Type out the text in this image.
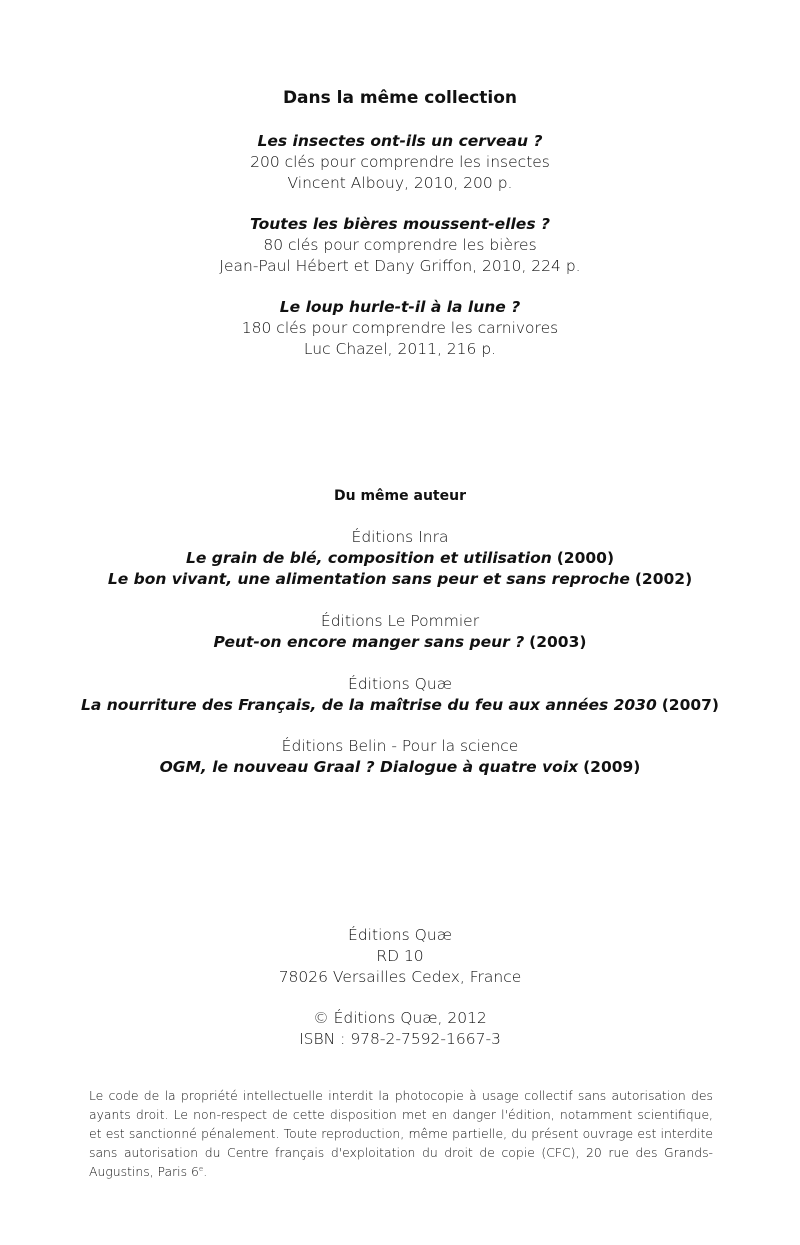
Dans la même collection
Les insectes ont-ils un cerveau ?
200 clés pour comprendre les insectes
Vincent Albouy, 2010, 200 p.
Toutes les bières moussent-elles ?
80 clés pour comprendre les bières
Jean-Paul Hébert et Dany Griffon, 2010, 224 p.
Le loup hurle-t-il à la lune ?
180 clés pour comprendre les carnivores
Luc Chazel, 2011, 216 p.
Du même auteur
Éditions Inra
Le grain de blé, composition et utilisation (2000)
Le bon vivant, une alimentation sans peur et sans reproche (2002)
Éditions Le Pommier
Peut-on encore manger sans peur ? (2003)
Éditions Quæ
La nourriture des Français, de la maîtrise du feu aux années 2030 (2007)
Éditions Belin - Pour la science
OGM, le nouveau Graal ? Dialogue à quatre voix (2009)
Éditions Quæ
RD 10
78026 Versailles Cedex, France
© Éditions Quæ, 2012
ISBN : 978-2-7592-1667-3
Le code de la propriété intellectuelle interdit la photocopie à usage collectif sans autorisation des ayants droit. Le non-respect de cette disposition met en danger l'édition, notamment scientifique, et est sanctionné pénalement. Toute reproduction, même partielle, du présent ouvrage est interdite sans autorisation du Centre français d'exploitation du droit de copie (CFC), 20 rue des Grands-Augustins, Paris 6e.
